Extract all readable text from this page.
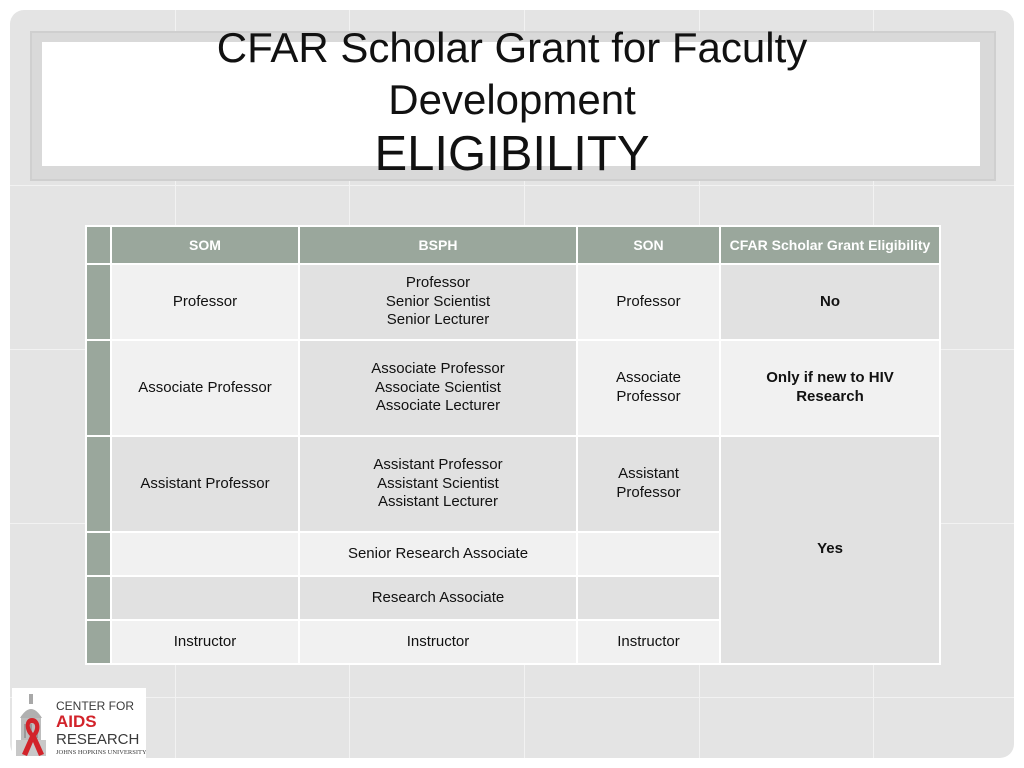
CFAR Scholar Grant for Faculty
Development
ELIGIBILITY
	SOM	BSPH	SON	CFAR Scholar Grant Eligibility
	Professor	Professor
Senior Scientist
Senior Lecturer	Professor	No
	Associate Professor	Associate Professor
Associate Scientist
Associate Lecturer	Associate
Professor	Only if new to HIV
Research
	Assistant Professor	Assistant Professor
Assistant Scientist
Assistant Lecturer	Assistant
Professor	Yes
		Senior Research Associate		
		Research Associate		
	Instructor	Instructor	Instructor	
CENTER FOR
AIDS
RESEARCH
JOHNS HOPKINS UNIVERSITY
